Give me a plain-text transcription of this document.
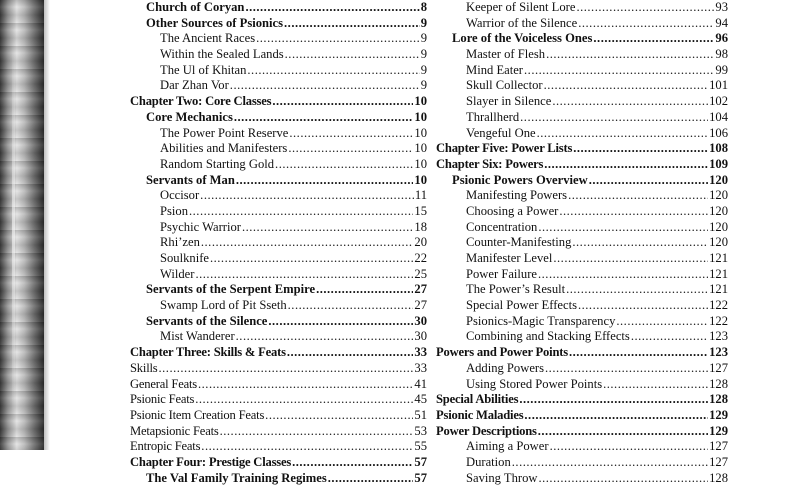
Church of Coryan .....	8
Other Sources of Psionics .....	9
The Ancient Races .....	9
Within the Sealed Lands .....	9
The Ul of Khitan .....	9
Dar Zhan Vor .....	9
Chapter Two: Core Classes .....	10
Core Mechanics .....	10
The Power Point Reserve .....	10
Abilities and Manifesters .....	10
Random Starting Gold .....	10
Servants of Man .....	10
Occisor .....	11
Psion .....	15
Psychic Warrior .....	18
Rhi’zen .....	20
Soulknife .....	22
Wilder .....	25
Servants of the Serpent Empire .....	27
Swamp Lord of Pit Sseth .....	27
Servants of the Silence .....	30
Mist Wanderer .....	30
Chapter Three: Skills & Feats .....	33
Skills .....	33
General Feats .....	41
Psionic Feats .....	45
Psionic Item Creation Feats .....	51
Metapsionic Feats .....	53
Entropic Feats .....	55
Chapter Four: Prestige Classes .....	57
The Val Family Training Regimes .....	57
Keeper of Silent Lore .....	93
Warrior of the Silence .....	94
Lore of the Voiceless Ones .....	96
Master of Flesh .....	98
Mind Eater .....	99
Skull Collector .....	101
Slayer in Silence .....	102
Thrallherd .....	104
Vengeful One .....	106
Chapter Five: Power Lists .....	108
Chapter Six: Powers .....	109
Psionic Powers Overview .....	120
Manifesting Powers .....	120
Choosing a Power .....	120
Concentration .....	120
Counter-Manifesting .....	120
Manifester Level .....	121
Power Failure .....	121
The Power’s Result .....	121
Special Power Effects .....	122
Psionics-Magic Transparency .....	122
Combining and Stacking Effects .....	123
Powers and Power Points .....	123
Adding Powers .....	127
Using Stored Power Points .....	128
Special Abilities .....	128
Psionic Maladies .....	129
Power Descriptions .....	129
Aiming a Power .....	127
Duration .....	127
Saving Throw .....	128
